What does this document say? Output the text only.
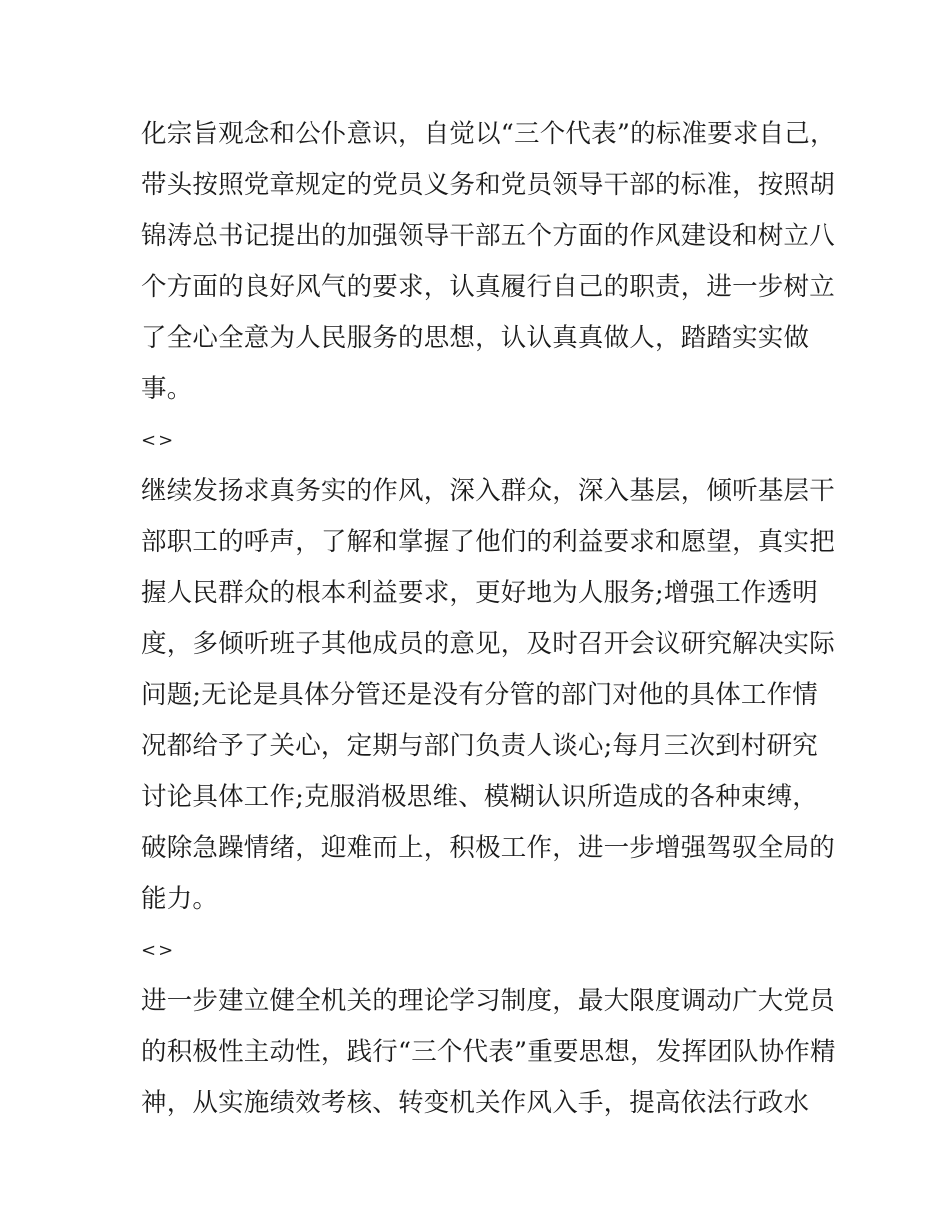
化宗旨观念和公仆意识，自觉以“三个代表”的标准要求自己，
带头按照党章规定的党员义务和党员领导干部的标准，按照胡
锦涛总书记提出的加强领导干部五个方面的作风建设和树立八
个方面的良好风气的要求，认真履行自己的职责，进一步树立
了全心全意为人民服务的思想，认认真真做人，踏踏实实做
事。
<>
继续发扬求真务实的作风，深入群众，深入基层，倾听基层干
部职工的呼声，了解和掌握了他们的利益要求和愿望，真实把
握人民群众的根本利益要求，更好地为人服务;增强工作透明
度，多倾听班子其他成员的意见，及时召开会议研究解决实际
问题;无论是具体分管还是没有分管的部门对他的具体工作情
况都给予了关心，定期与部门负责人谈心;每月三次到村研究
讨论具体工作;克服消极思维、模糊认识所造成的各种束缚，
破除急躁情绪，迎难而上，积极工作，进一步增强驾驭全局的
能力。
<>
进一步建立健全机关的理论学习制度，最大限度调动广大党员
的积极性主动性，践行“三个代表”重要思想，发挥团队协作精
神，从实施绩效考核、转变机关作风入手，提高依法行政水
